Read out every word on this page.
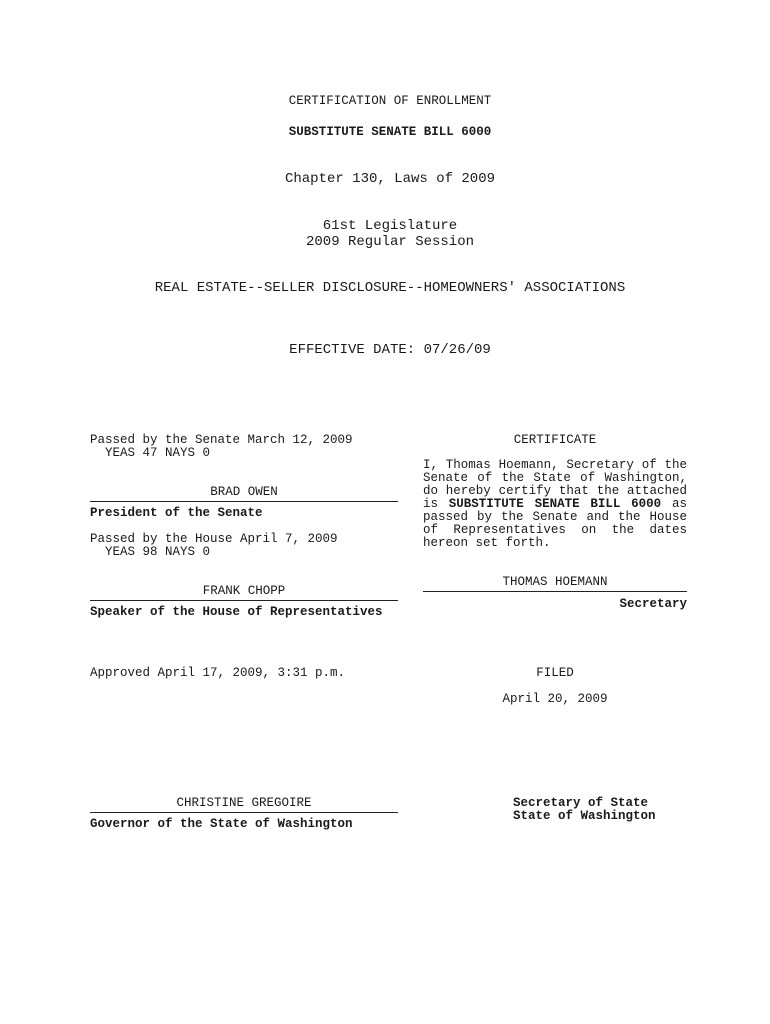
CERTIFICATION OF ENROLLMENT
SUBSTITUTE SENATE BILL 6000
Chapter 130, Laws of 2009
61st Legislature
2009 Regular Session
REAL ESTATE--SELLER DISCLOSURE--HOMEOWNERS' ASSOCIATIONS
EFFECTIVE DATE: 07/26/09
Passed by the Senate March 12, 2009
YEAS 47 NAYS 0
BRAD OWEN
President of the Senate
Passed by the House April 7, 2009
YEAS 98 NAYS 0
FRANK CHOPP
Speaker of the House of Representatives
Approved April 17, 2009, 3:31 p.m.
CHRISTINE GREGOIRE
Governor of the State of Washington
CERTIFICATE

I, Thomas Hoemann, Secretary of the Senate of the State of Washington, do hereby certify that the attached is SUBSTITUTE SENATE BILL 6000 as passed by the Senate and the House of Representatives on the dates hereon set forth.

THOMAS HOEMANN
Secretary
FILED
April 20, 2009
Secretary of State
State of Washington
